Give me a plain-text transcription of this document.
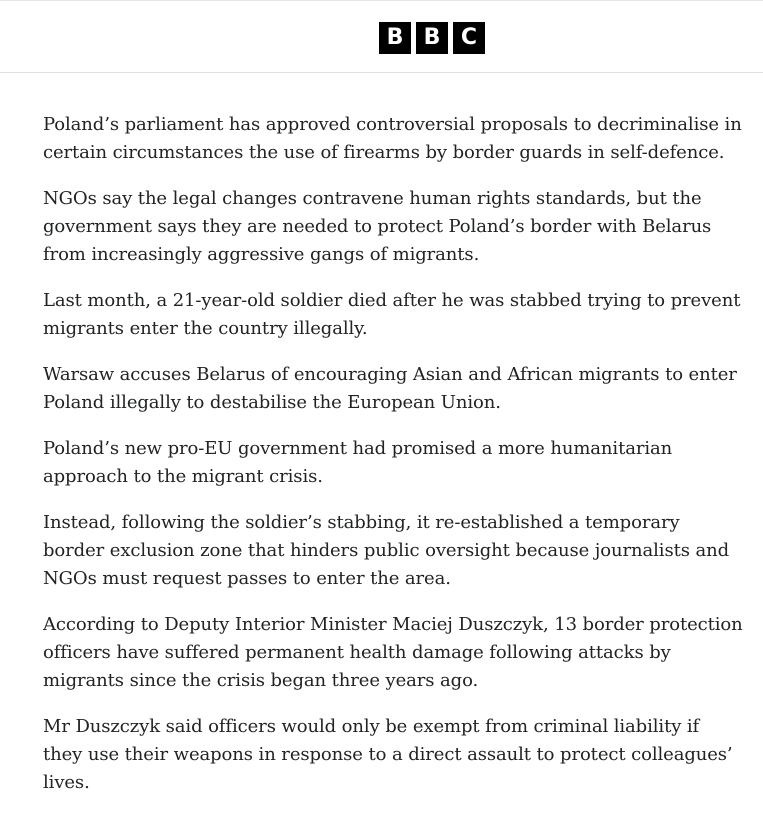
B B C

Poland’s parliament has approved controversial proposals to decriminalise in certain circumstances the use of firearms by border guards in self-defence.

NGOs say the legal changes contravene human rights standards, but the government says they are needed to protect Poland’s border with Belarus from increasingly aggressive gangs of migrants.

Last month, a 21-year-old soldier died after he was stabbed trying to prevent migrants enter the country illegally.

Warsaw accuses Belarus of encouraging Asian and African migrants to enter Poland illegally to destabilise the European Union.

Poland’s new pro-EU government had promised a more humanitarian approach to the migrant crisis.

Instead, following the soldier’s stabbing, it re-established a temporary border exclusion zone that hinders public oversight because journalists and NGOs must request passes to enter the area.

According to Deputy Interior Minister Maciej Duszczyk, 13 border protection officers have suffered permanent health damage following attacks by migrants since the crisis began three years ago.

Mr Duszczyk said officers would only be exempt from criminal liability if they use their weapons in response to a direct assault to protect colleagues’ lives.
